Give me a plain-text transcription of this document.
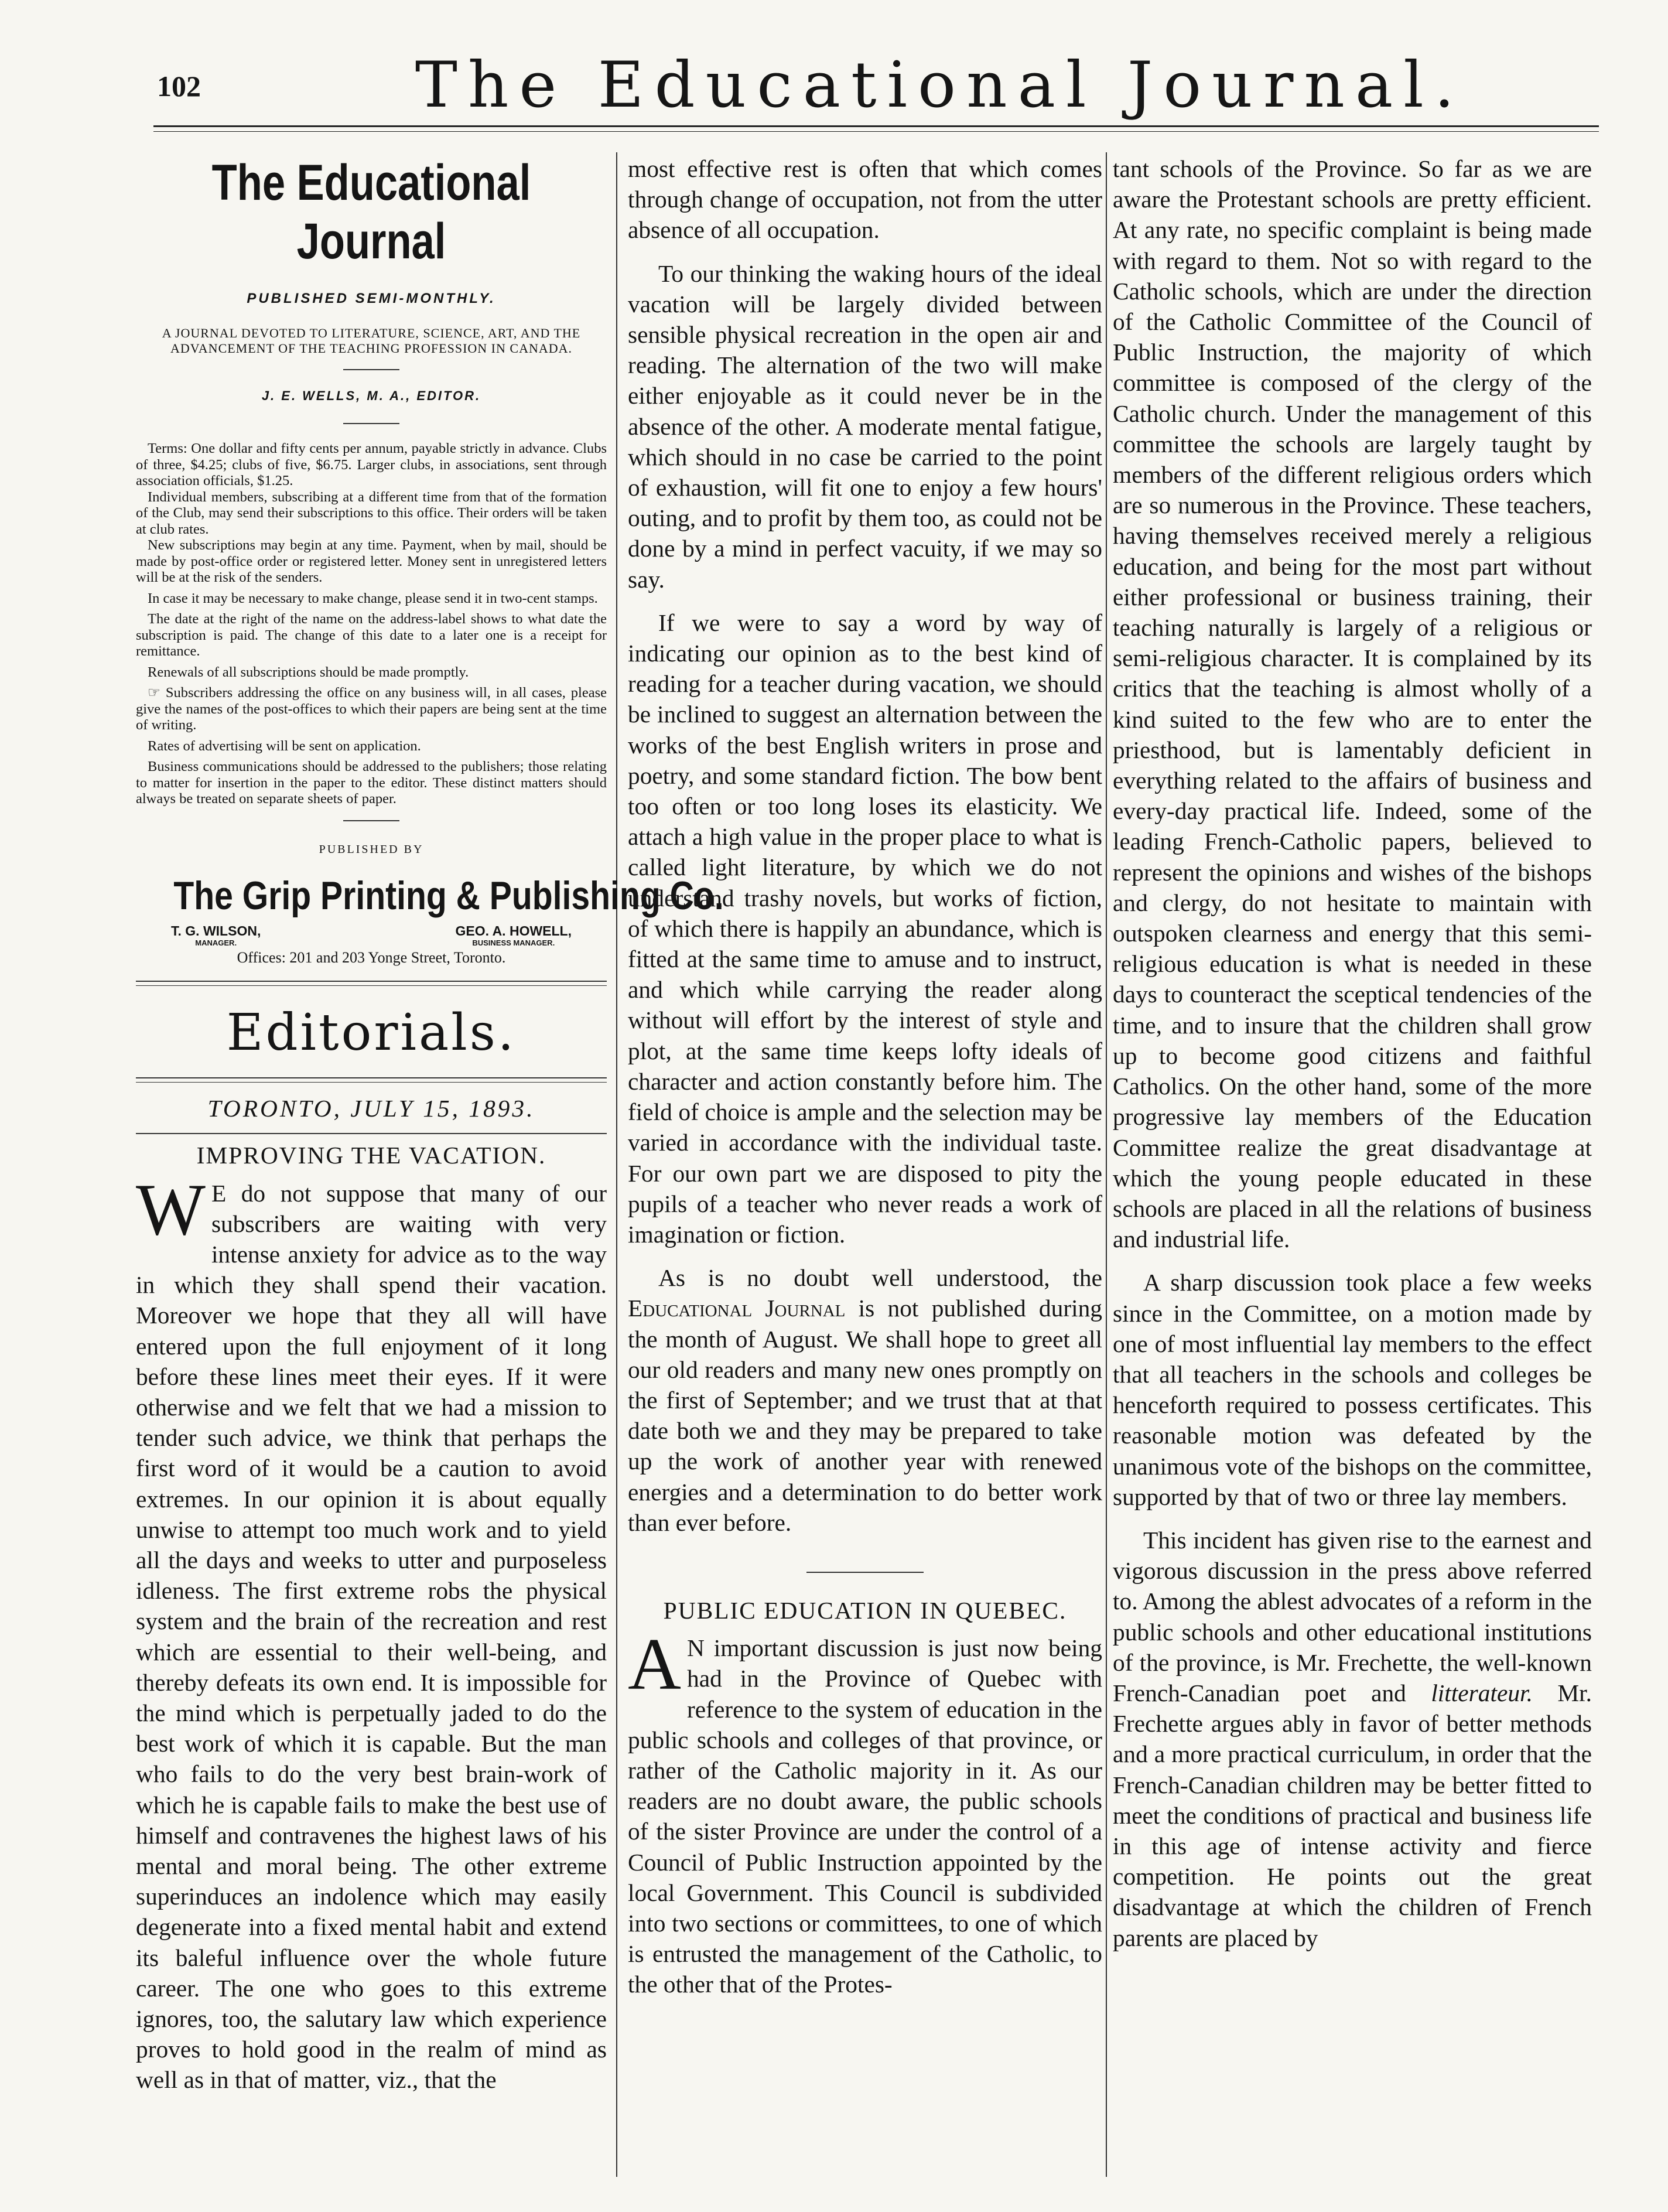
102	The Educational Journal.
The Educational Journal
PUBLISHED SEMI-MONTHLY.
A JOURNAL DEVOTED TO LITERATURE, SCIENCE, ART, AND THE ADVANCEMENT OF THE TEACHING PROFESSION IN CANADA.
J. E. WELLS, M. A., EDITOR.

Terms: One dollar and fifty cents per annum, payable strictly in advance. Clubs of three, $4.25; clubs of five, $6.75. Larger clubs, in associations, sent through association officials, $1.25.

Individual members, subscribing at a different time from that of the formation of the Club, may send their subscriptions to this office. Their orders will be taken at club rates.

New subscriptions may begin at any time. Payment, when by mail, should be made by post-office order or registered letter. Money sent in unregistered letters will be at the risk of the senders.

In case it may be necessary to make change, please send it in two-cent stamps.

The date at the right of the name on the address-label shows to what date the subscription is paid. The change of this date to a later one is a receipt for remittance.

Renewals of all subscriptions should be made promptly.

☞ Subscribers addressing the office on any business will, in all cases, please give the names of the post-offices to which their papers are being sent at the time of writing.

Rates of advertising will be sent on application.

Business communications should be addressed to the publishers; those relating to matter for insertion in the paper to the editor. These distinct matters should always be treated on separate sheets of paper.

PUBLISHED BY
The Grip Printing & Publishing Co.
T. G. WILSON,
MANAGER.
GEO. A. HOWELL,
BUSINESS MANAGER.
Offices: 201 and 203 Yonge Street, Toronto.
Editorials.
TORONTO, JULY 15, 1893.
IMPROVING THE VACATION.

W E do not suppose that many of our subscribers are waiting with very intense anxiety for advice as to the way in which they shall spend their vacation. Moreover we hope that they all will have entered upon the full enjoyment of it long before these lines meet their eyes. If it were otherwise and we felt that we had a mission to tender such advice, we think that perhaps the first word of it would be a caution to avoid extremes. In our opinion it is about equally unwise to attempt too much work and to yield all the days and weeks to utter and purposeless idleness. The first extreme robs the physical system and the brain of the recreation and rest which are essential to their well-being, and thereby defeats its own end. It is impossible for the mind which is perpetually jaded to do the best work of which it is capable. But the man who fails to do the very best brain-work of which he is capable fails to make the best use of himself and contravenes the highest laws of his mental and moral being. The other extreme superinduces an indolence which may easily degenerate into a fixed mental habit and extend its baleful influence over the whole future career. The one who goes to this extreme ignores, too, the salutary law which experience proves to hold good in the realm of mind as well as in that of matter, viz., that the

most effective rest is often that which comes through change of occupation, not from the utter absence of all occupation.

To our thinking the waking hours of the ideal vacation will be largely divided between sensible physical recreation in the open air and reading. The alternation of the two will make either enjoyable as it could never be in the absence of the other. A moderate mental fatigue, which should in no case be carried to the point of exhaustion, will fit one to enjoy a few hours' outing, and to profit by them too, as could not be done by a mind in perfect vacuity, if we may so say.

If we were to say a word by way of indicating our opinion as to the best kind of reading for a teacher during vacation, we should be inclined to suggest an alternation between the works of the best English writers in prose and poetry, and some standard fiction. The bow bent too often or too long loses its elasticity. We attach a high value in the proper place to what is called light literature, by which we do not understand trashy novels, but works of fiction, of which there is happily an abundance, which is fitted at the same time to amuse and to instruct, and which while carrying the reader along without will effort by the interest of style and plot, at the same time keeps lofty ideals of character and action constantly before him. The field of choice is ample and the selection may be varied in accordance with the individual taste. For our own part we are disposed to pity the pupils of a teacher who never reads a work of imagination or fiction.

As is no doubt well understood, the Educational Journal is not published during the month of August. We shall hope to greet all our old readers and many new ones promptly on the first of September; and we trust that at that date both we and they may be prepared to take up the work of another year with renewed energies and a determination to do better work than ever before.

PUBLIC EDUCATION IN QUEBEC.

A N important discussion is just now being had in the Province of Quebec with reference to the system of education in the public schools and colleges of that province, or rather of the Catholic majority in it. As our readers are no doubt aware, the public schools of the sister Province are under the control of a Council of Public Instruction appointed by the local Government. This Council is subdivided into two sections or committees, to one of which is entrusted the management of the Catholic, to the other that of the Protes-

tant schools of the Province. So far as we are aware the Protestant schools are pretty efficient. At any rate, no specific complaint is being made with regard to them. Not so with regard to the Catholic schools, which are under the direction of the Catholic Committee of the Council of Public Instruction, the majority of which committee is composed of the clergy of the Catholic church. Under the management of this committee the schools are largely taught by members of the different religious orders which are so numerous in the Province. These teachers, having themselves received merely a religious education, and being for the most part without either professional or business training, their teaching naturally is largely of a religious or semi-religious character. It is complained by its critics that the teaching is almost wholly of a kind suited to the few who are to enter the priesthood, but is lamentably deficient in everything related to the affairs of business and every-day practical life. Indeed, some of the leading French-Catholic papers, believed to represent the opinions and wishes of the bishops and clergy, do not hesitate to maintain with outspoken clearness and energy that this semi-religious education is what is needed in these days to counteract the sceptical tendencies of the time, and to insure that the children shall grow up to become good citizens and faithful Catholics. On the other hand, some of the more progressive lay members of the Education Committee realize the great disadvantage at which the young people educated in these schools are placed in all the relations of business and industrial life.

A sharp discussion took place a few weeks since in the Committee, on a motion made by one of most influential lay members to the effect that all teachers in the schools and colleges be henceforth required to possess certificates. This reasonable motion was defeated by the unanimous vote of the bishops on the committee, supported by that of two or three lay members.

This incident has given rise to the earnest and vigorous discussion in the press above referred to. Among the ablest advocates of a reform in the public schools and other educational institutions of the province, is Mr. Frechette, the well-known French-Canadian poet and litterateur. Mr. Frechette argues ably in favor of better methods and a more practical curriculum, in order that the French-Canadian children may be better fitted to meet the conditions of practical and business life in this age of intense activity and fierce competition. He points out the great disadvantage at which the children of French parents are placed by
